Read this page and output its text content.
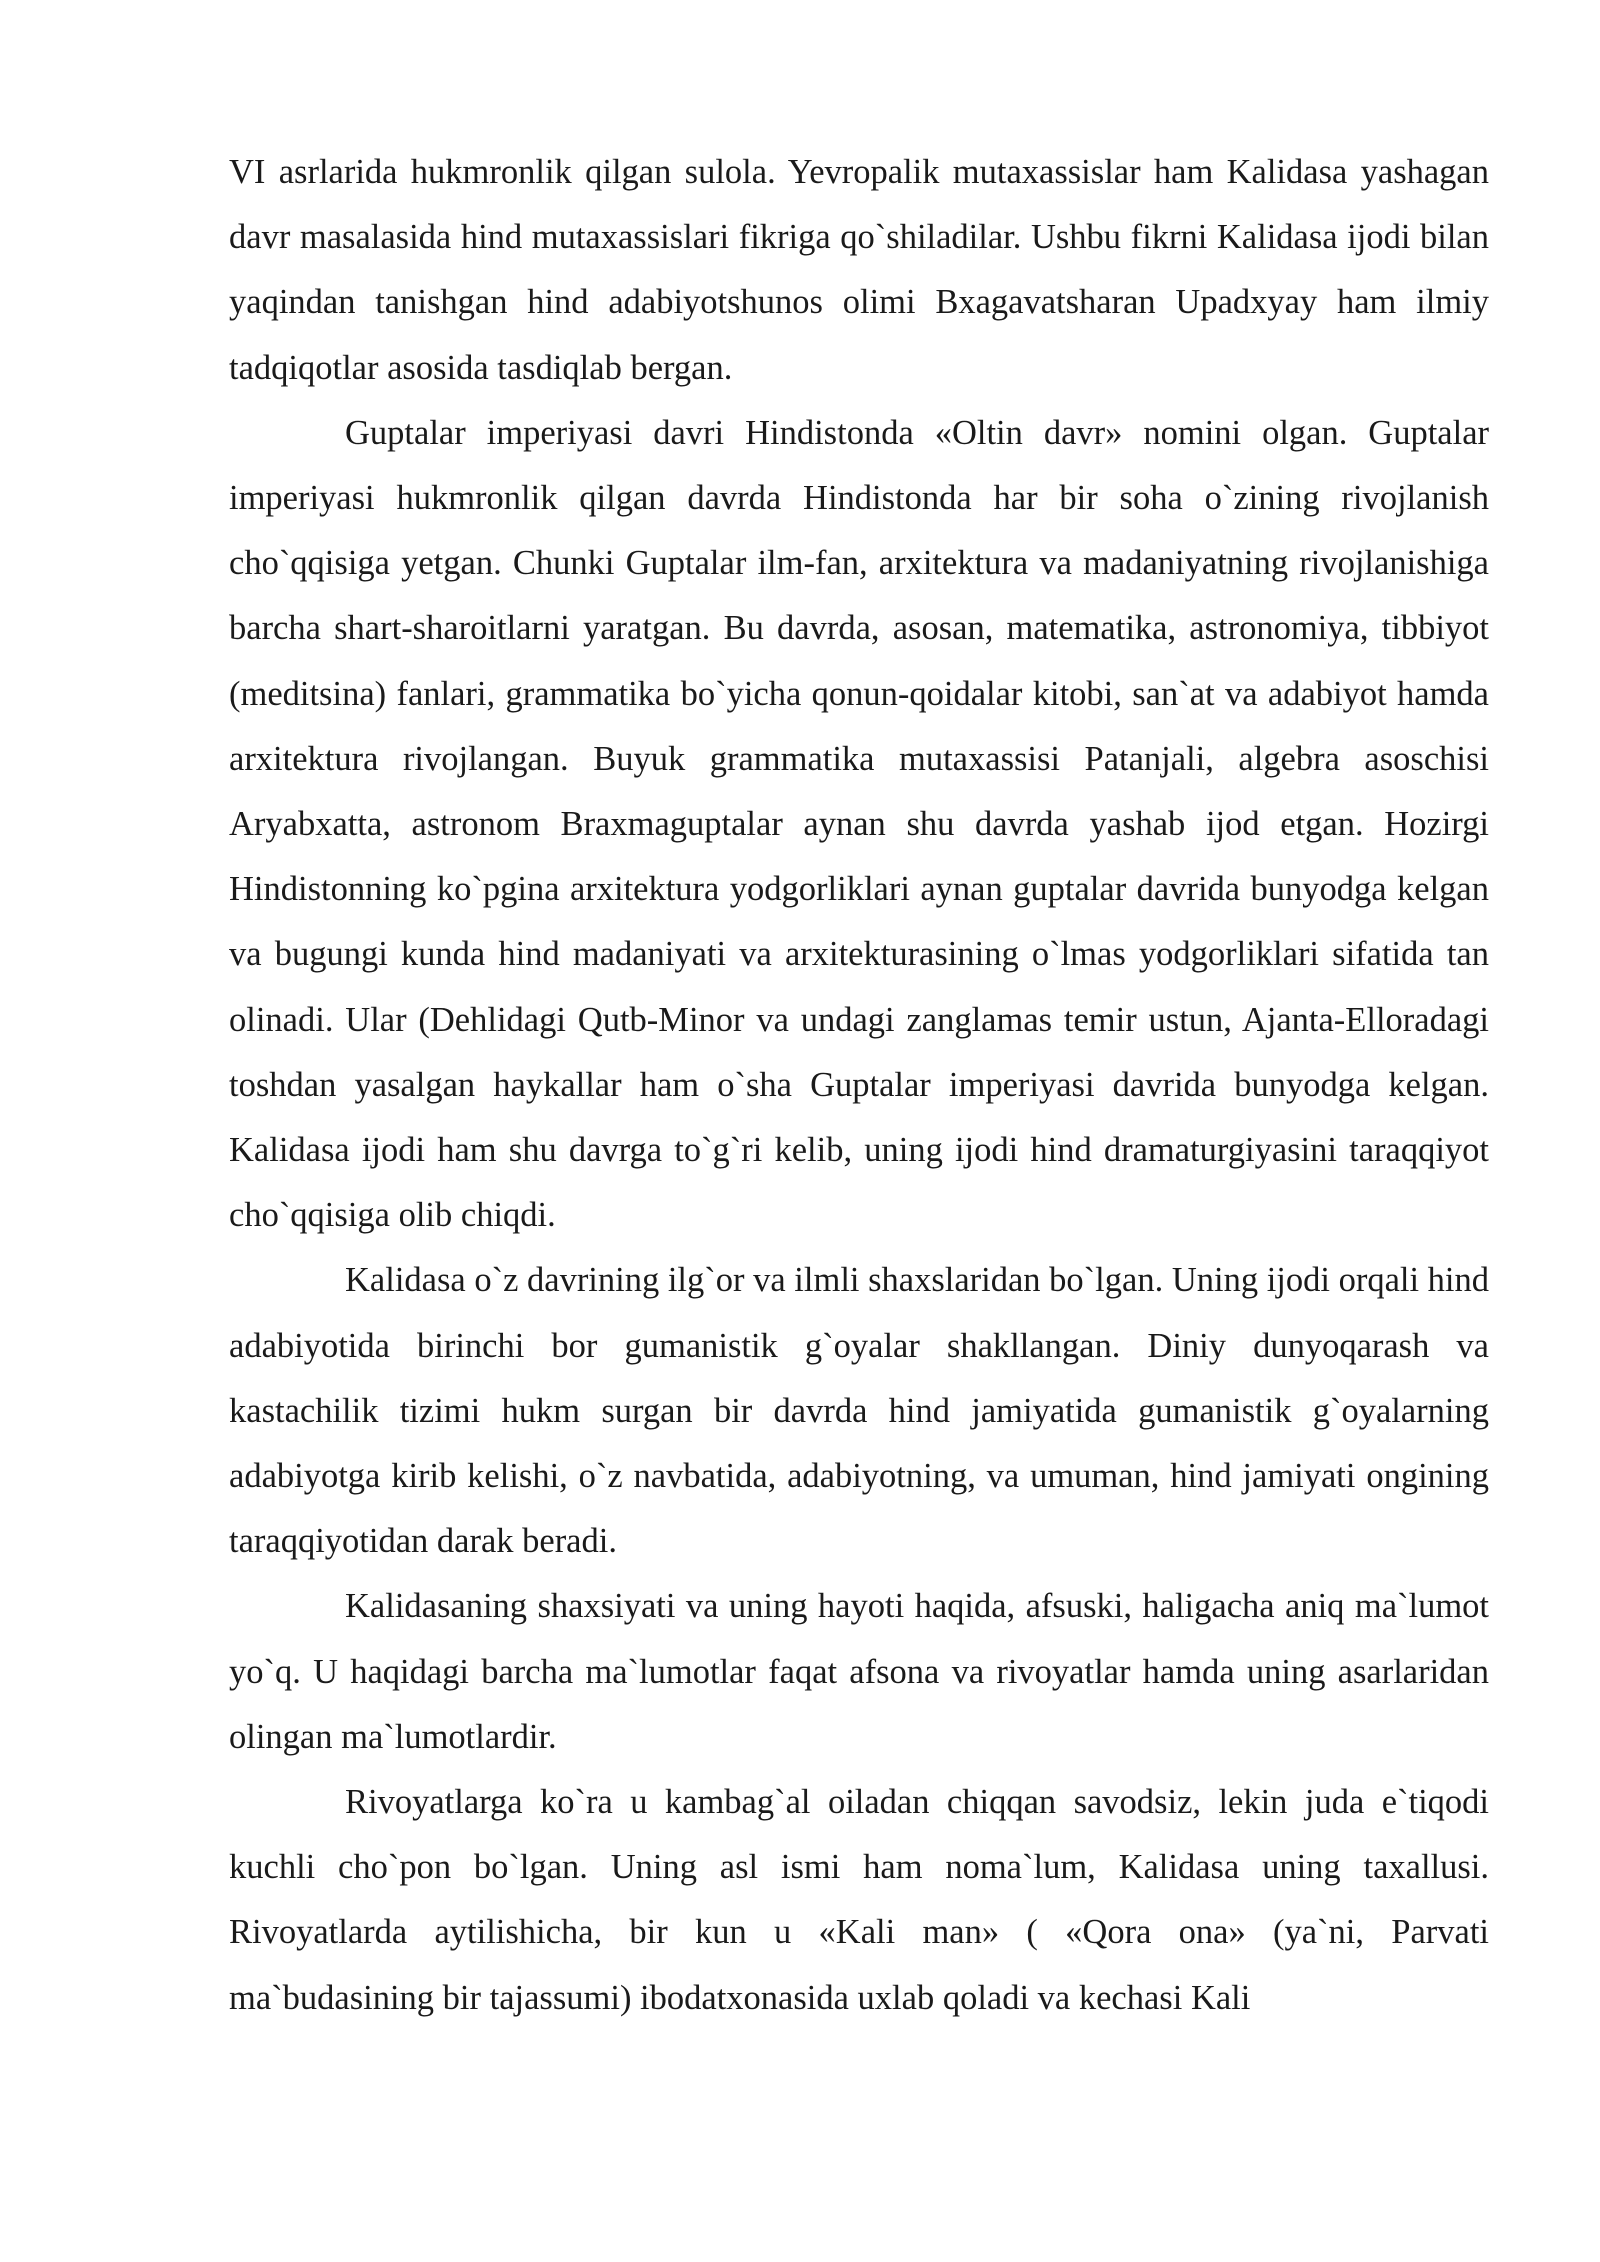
VI asrlarida hukmronlik qilgan sulola. Yevropalik mutaxassislar ham Kalidasa yashagan davr masalasida hind mutaxassislari fikriga qo`shiladilar. Ushbu fikrni Kalidasa ijodi bilan yaqindan tanishgan hind adabiyotshunos olimi Bxagavatsharan Upadxyay ham ilmiy tadqiqotlar asosida tasdiqlab bergan.

Guptalar imperiyasi davri Hindistonda «Oltin davr» nomini olgan. Guptalar imperiyasi hukmronlik qilgan davrda Hindistonda har bir soha o`zining rivojlanish cho`qqisiga yetgan. Chunki Guptalar ilm-fan, arxitektura va madaniyatning rivojlanishiga barcha shart-sharoitlarni yaratgan. Bu davrda, asosan, matematika, astronomiya, tibbiyot (meditsina) fanlari, grammatika bo`yicha qonun-qoidalar kitobi, san`at va adabiyot hamda arxitektura rivojlangan. Buyuk grammatika mutaxassisi Patanjali, algebra asoschisi Aryabxatta, astronom Braxmaguptalar aynan shu davrda yashab ijod etgan. Hozirgi Hindistonning ko`pgina arxitektura yodgorliklari aynan guptalar davrida bunyodga kelgan va bugungi kunda hind madaniyati va arxitekturasining o`lmas yodgorliklari sifatida tan olinadi. Ular (Dehlidagi Qutb-Minor va undagi zanglamas temir ustun, Ajanta-Elloradagi toshdan yasalgan haykallar ham o`sha Guptalar imperiyasi davrida bunyodga kelgan. Kalidasa ijodi ham shu davrga to`g`ri kelib, uning ijodi hind dramaturgiyasini taraqqiyot cho`qqisiga olib chiqdi.

Kalidasa o`z davrining ilg`or va ilmli shaxslaridan bo`lgan. Uning ijodi orqali hind adabiyotida birinchi bor gumanistik g`oyalar shakllangan. Diniy dunyoqarash va kastachilik tizimi hukm surgan bir davrda hind jamiyatida gumanistik g`oyalarning adabiyotga kirib kelishi, o`z navbatida, adabiyotning, va umuman, hind jamiyati ongining taraqqiyotidan darak beradi.

Kalidasaning shaxsiyati va uning hayoti haqida, afsuski, haligacha aniq ma`lumot yo`q. U haqidagi barcha ma`lumotlar faqat afsona va rivoyatlar hamda uning asarlaridan olingan ma`lumotlardir.

Rivoyatlarga ko`ra u kambag`al oiladan chiqqan savodsiz, lekin juda e`tiqodi kuchli cho`pon bo`lgan. Uning asl ismi ham noma`lum, Kalidasa uning taxallusi. Rivoyatlarda aytilishicha, bir kun u «Kali man» ( «Qora ona» (ya`ni, Parvati ma`budasining bir tajassumi) ibodatxonasida uxlab qoladi va kechasi Kali
